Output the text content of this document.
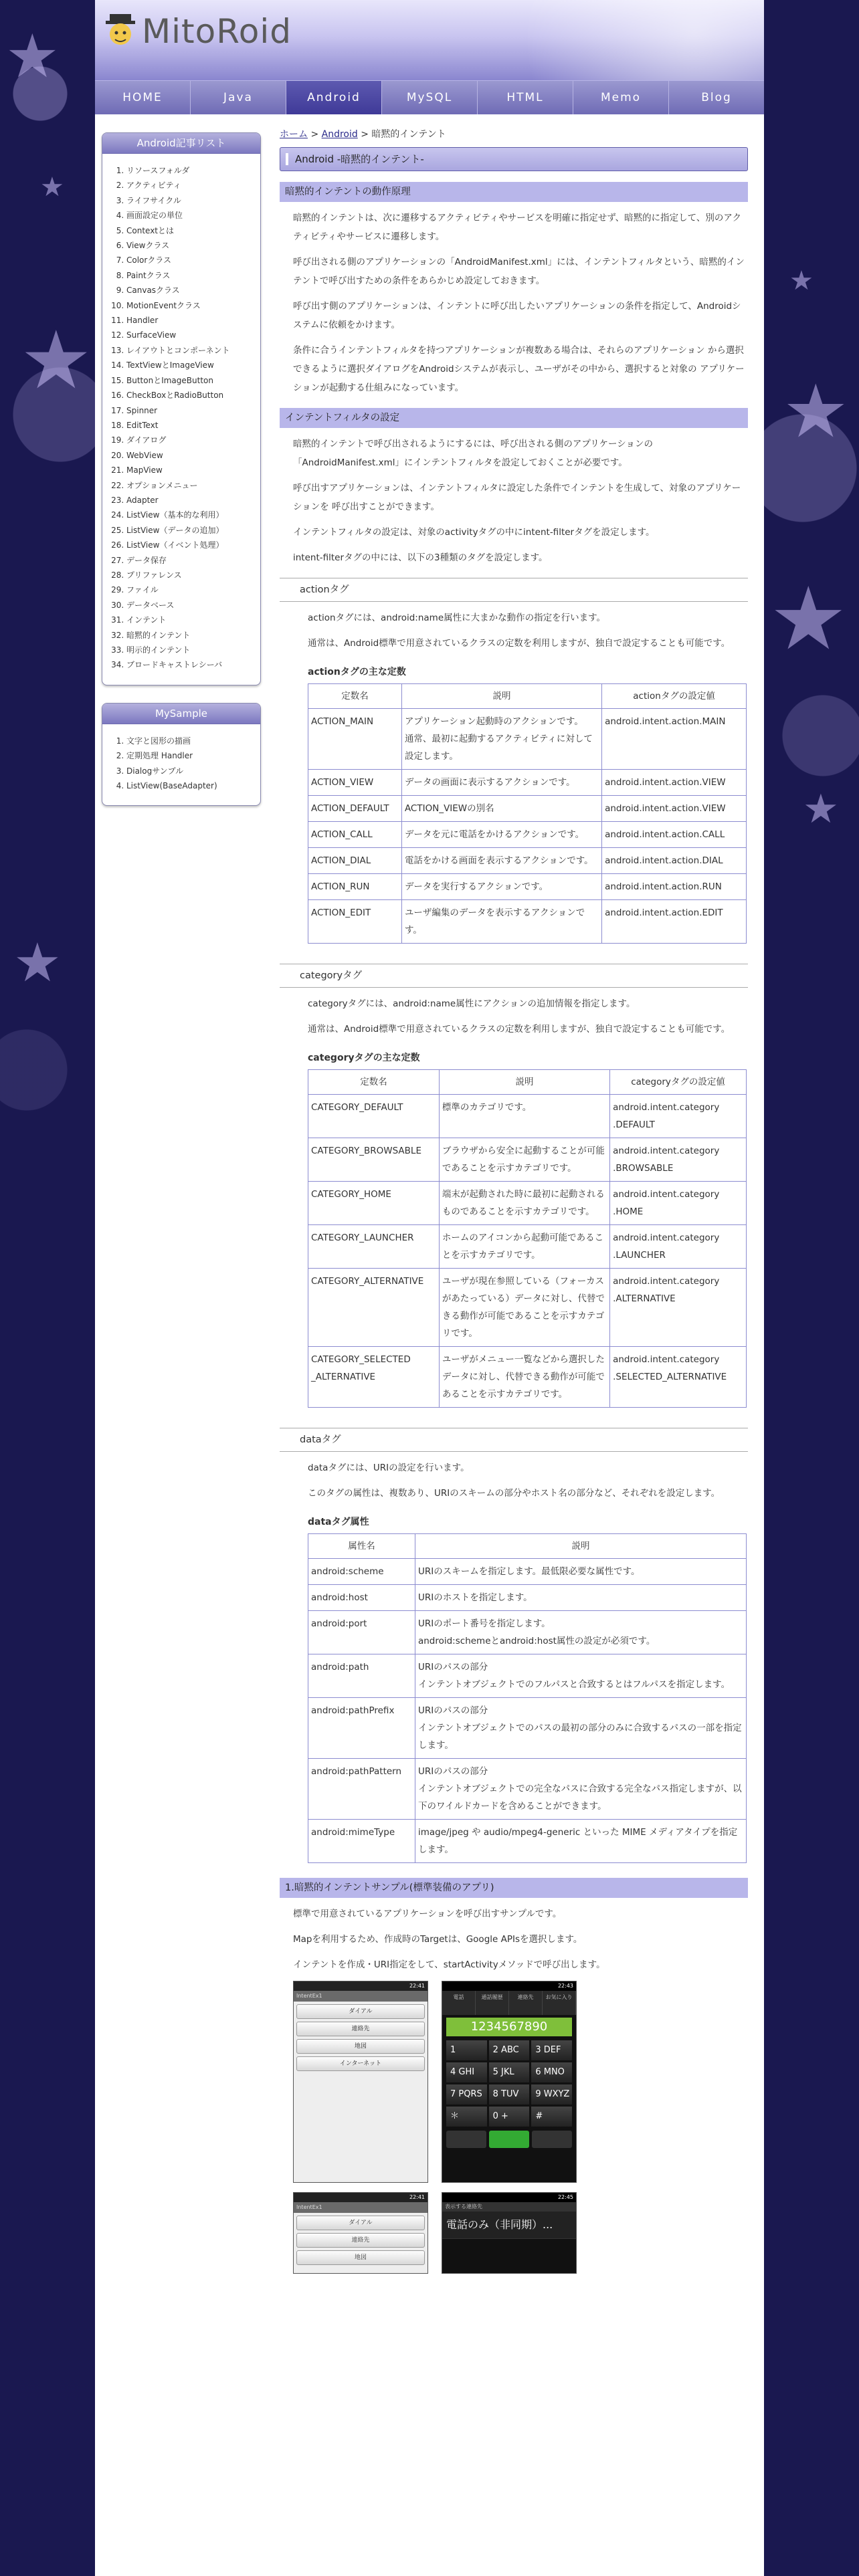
★
★
★
★
★
★
★
★
MitoRoid
HOME	Java	Android	MySQL	HTML	Memo	Blog
Android記事リスト
1. リソースフォルダ
2. アクティビティ
3. ライフサイクル
4. 画面設定の単位
5. Contextとは
6. Viewクラス
7. Colorクラス
8. Paintクラス
9. Canvasクラス
10. MotionEventクラス
11. Handler
12. SurfaceView
13. レイアウトとコンポーネント
14. TextViewとImageView
15. ButtonとImageButton
16. CheckBoxとRadioButton
17. Spinner
18. EditText
19. ダイアログ
20. WebView
21. MapView
22. オプションメニュー
23. Adapter
24. ListView（基本的な利用）
25. ListView（データの追加）
26. ListView（イベント処理）
27. データ保存
28. プリファレンス
29. ファイル
30. データベース
31. インテント
32. 暗黙的インテント
33. 明示的インテント
34. ブロードキャストレシーバ
MySample
1. 文字と図形の描画
2. 定期処理 Handler
3. Dialogサンプル
4. ListView(BaseAdapter)
ホーム > Android > 暗黙的インテント
Android -暗黙的インテント-
暗黙的インテントの動作原理
暗黙的インテントは、次に遷移するアクティビティやサービスを明確に指定せず、暗黙的に指定して、別のアクティビティやサービスに遷移します。
呼び出される側のアプリケーションの「AndroidManifest.xml」には、インテントフィルタという、暗黙的インテントで呼び出すための条件をあらかじめ設定しておきます。
呼び出す側のアプリケーションは、インテントに呼び出したいアプリケーションの条件を指定して、Androidシステムに依頼をかけます。
条件に合うインテントフィルタを持つアプリケーションが複数ある場合は、それらのアプリケーション から選択できるように選択ダイアログをAndroidシステムが表示し、ユーザがその中から、選択すると対象の アプリケーションが起動する仕組みになっています。
インテントフィルタの設定
暗黙的インテントで呼び出されるようにするには、呼び出される側のアプリケーションの「AndroidManifest.xml」にインテントフィルタを設定しておくことが必要です。
呼び出すアプリケーションは、インテントフィルタに設定した条件でインテントを生成して、対象のアプリケーションを 呼び出すことができます。
インテントフィルタの設定は、対象のactivityタグの中にintent-filterタグを設定します。
intent-filterタグの中には、以下の3種類のタグを設定します。
actionタグ
actionタグには、android:name属性に大まかな動作の指定を行います。
通常は、Android標準で用意されているクラスの定数を利用しますが、独自で設定することも可能です。
actionタグの主な定数
定数名	説明	actionタグの設定値
ACTION_MAIN	アプリケーション起動時のアクションです。
通常、最初に起動するアクティビティに対して設定します。	android.intent.action.MAIN
ACTION_VIEW	データの画面に表示するアクションです。	android.intent.action.VIEW
ACTION_DEFAULT	ACTION_VIEWの別名	android.intent.action.VIEW
ACTION_CALL	データを元に電話をかけるアクションです。	android.intent.action.CALL
ACTION_DIAL	電話をかける画面を表示するアクションです。	android.intent.action.DIAL
ACTION_RUN	データを実行するアクションです。	android.intent.action.RUN
ACTION_EDIT	ユーザ編集のデータを表示するアクションです。	android.intent.action.EDIT
categoryタグ
categoryタグには、android:name属性にアクションの追加情報を指定します。
通常は、Android標準で用意されているクラスの定数を利用しますが、独自で設定することも可能です。
categoryタグの主な定数
定数名	説明	categoryタグの設定値
CATEGORY_DEFAULT	標準のカテゴリです。	android.intent.category
.DEFAULT
CATEGORY_BROWSABLE	ブラウザから安全に起動することが可能であることを示すカテゴリです。	android.intent.category
.BROWSABLE
CATEGORY_HOME	端末が起動された時に最初に起動されるものであることを示すカテゴリです。	android.intent.category
.HOME
CATEGORY_LAUNCHER	ホームのアイコンから起動可能であることを示すカテゴリです。	android.intent.category
.LAUNCHER
CATEGORY_ALTERNATIVE	ユーザが現在参照している（フォーカスがあたっている）データに対し、代替できる動作が可能であることを示すカテゴリです。	android.intent.category
.ALTERNATIVE
CATEGORY_SELECTED
_ALTERNATIVE	ユーザがメニュー一覧などから選択したデータに対し、代替できる動作が可能であることを示すカテゴリです。	android.intent.category
.SELECTED_ALTERNATIVE
dataタグ
dataタグには、URIの設定を行います。
このタグの属性は、複数あり、URIのスキームの部分やホスト名の部分など、それぞれを設定します。
dataタグ属性
属性名	説明
android:scheme	URIのスキームを指定します。最低限必要な属性です。
android:host	URIのホストを指定します。
android:port	URIのポート番号を指定します。
android:schemeとandroid:host属性の設定が必須です。
android:path	URIのパスの部分
インテントオブジェクトでのフルパスと合致するとはフルパスを指定します。
android:pathPrefix	URIのパスの部分
インテントオブジェクトでのパスの最初の部分のみに合致するパスの一部を指定します。
android:pathPattern	URIのパスの部分
インテントオブジェクトでの完全なパスに合致する完全なパス指定しますが、以下のワイルドカードを含めることができます。
android:mimeType	image/jpeg や audio/mpeg4-generic といった MIME メディアタイプを指定します。
1.暗黙的インテントサンプル(標準装備のアプリ)
標準で用意されているアプリケーションを呼び出すサンプルです。
Mapを利用するため、作成時のTargetは、Google APIsを選択します。
インテントを作成・URI指定をして、startActivityメソッドで呼び出します。
22:41
IntentEx1
ダイアル
連絡先
地図
インターネット
22:43
電話	通話履歴	連絡先	お気に入り
1234567890
1	2 ABC	3 DEF
4 GHI	5 JKL	6 MNO
7 PQRS	8 TUV	9 WXYZ
＊	0 +	#
22:41
IntentEx1
ダイアル
連絡先
地図
22:45
表示する連絡先
電話のみ（非同期）...
